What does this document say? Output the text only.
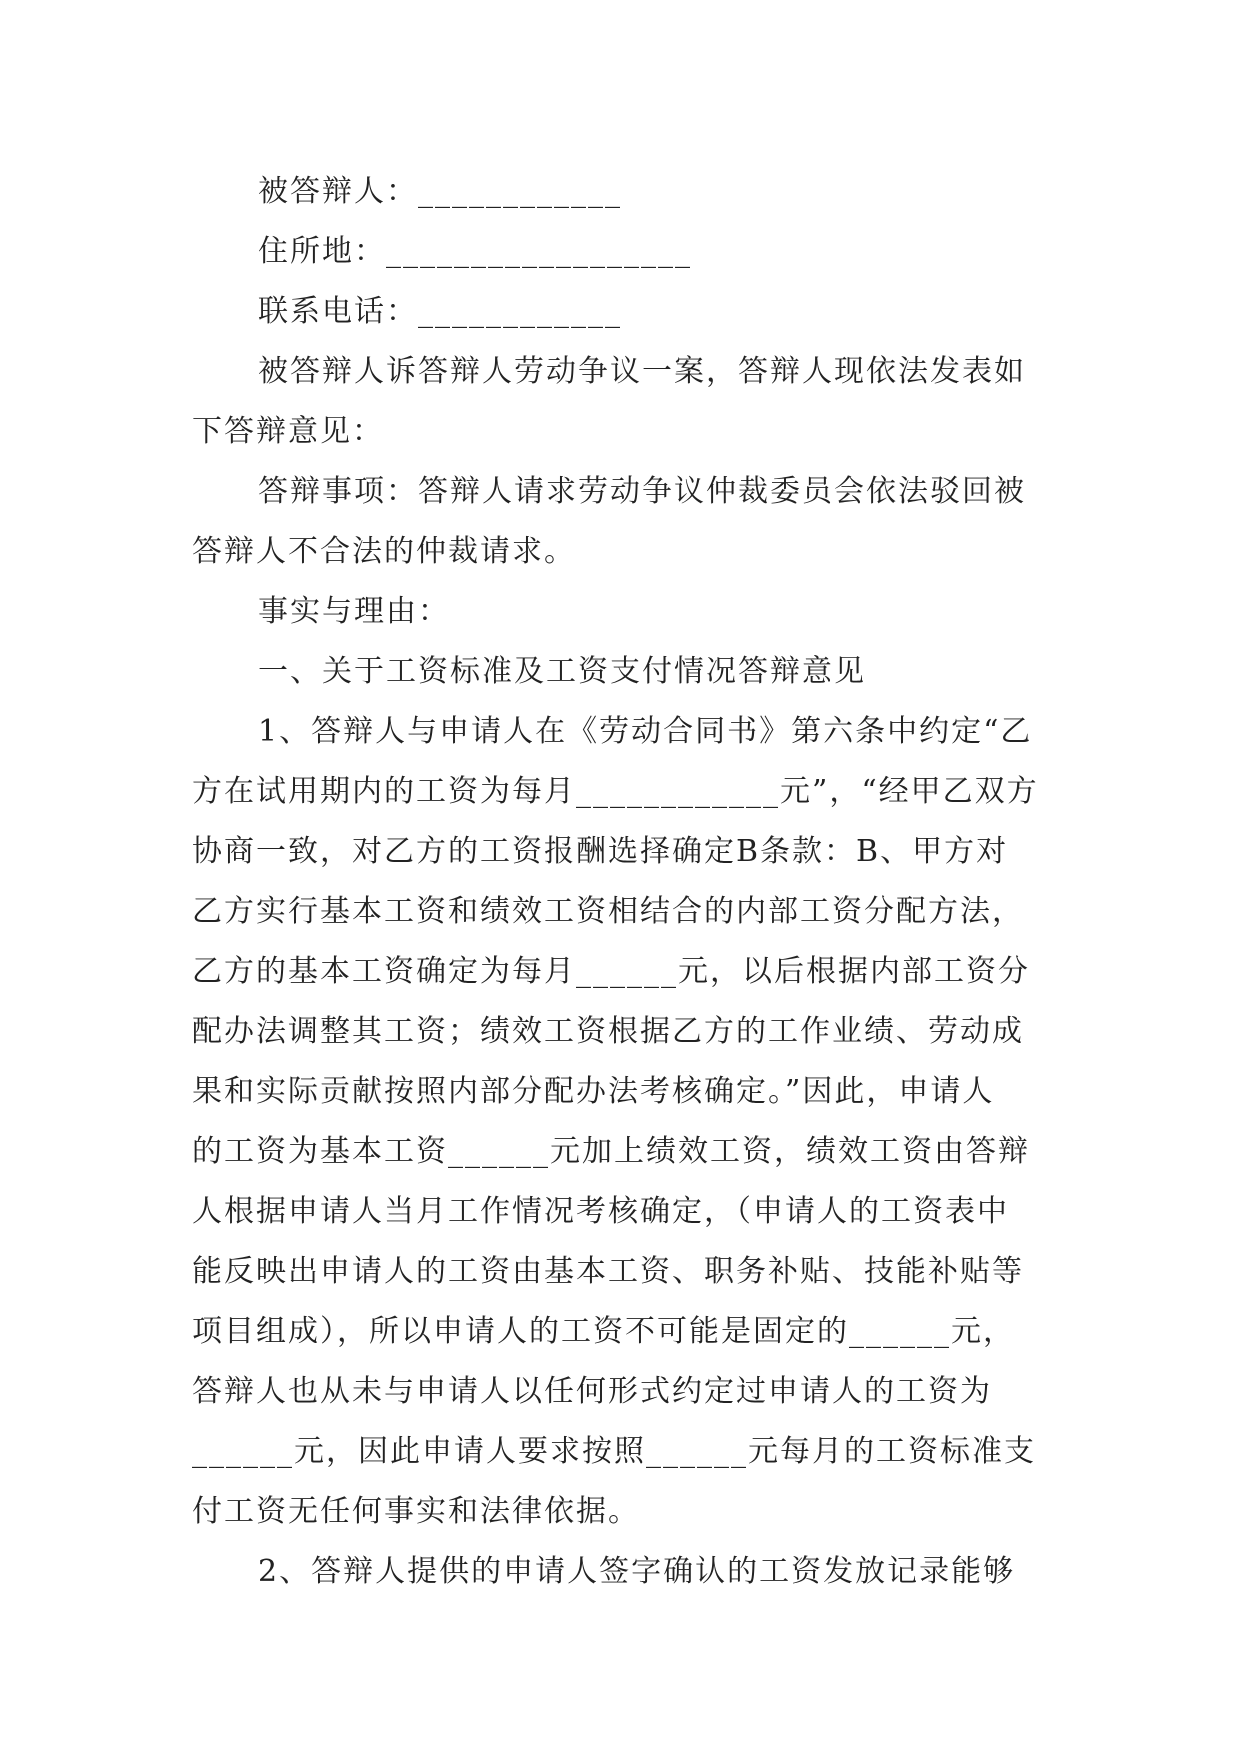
被答辩人：____________
住所地：__________________
联系电话：____________
被答辩人诉答辩人劳动争议一案，答辩人现依法发表如
下答辩意见：
答辩事项：答辩人请求劳动争议仲裁委员会依法驳回被
答辩人不合法的仲裁请求。
事实与理由：
一、关于工资标准及工资支付情况答辩意见
1、答辩人与申请人在《劳动合同书》第六条中约定“乙
方在试用期内的工资为每月____________元”，“经甲乙双方
协商一致，对乙方的工资报酬选择确定B条款：B、甲方对
乙方实行基本工资和绩效工资相结合的内部工资分配方法，
乙方的基本工资确定为每月______元，以后根据内部工资分
配办法调整其工资；绩效工资根据乙方的工作业绩、劳动成
果和实际贡献按照内部分配办法考核确定。”因此，申请人
的工资为基本工资______元加上绩效工资，绩效工资由答辩
人根据申请人当月工作情况考核确定，（申请人的工资表中
能反映出申请人的工资由基本工资、职务补贴、技能补贴等
项目组成），所以申请人的工资不可能是固定的______元，
答辩人也从未与申请人以任何形式约定过申请人的工资为
______元，因此申请人要求按照______元每月的工资标准支
付工资无任何事实和法律依据。
2、答辩人提供的申请人签字确认的工资发放记录能够
